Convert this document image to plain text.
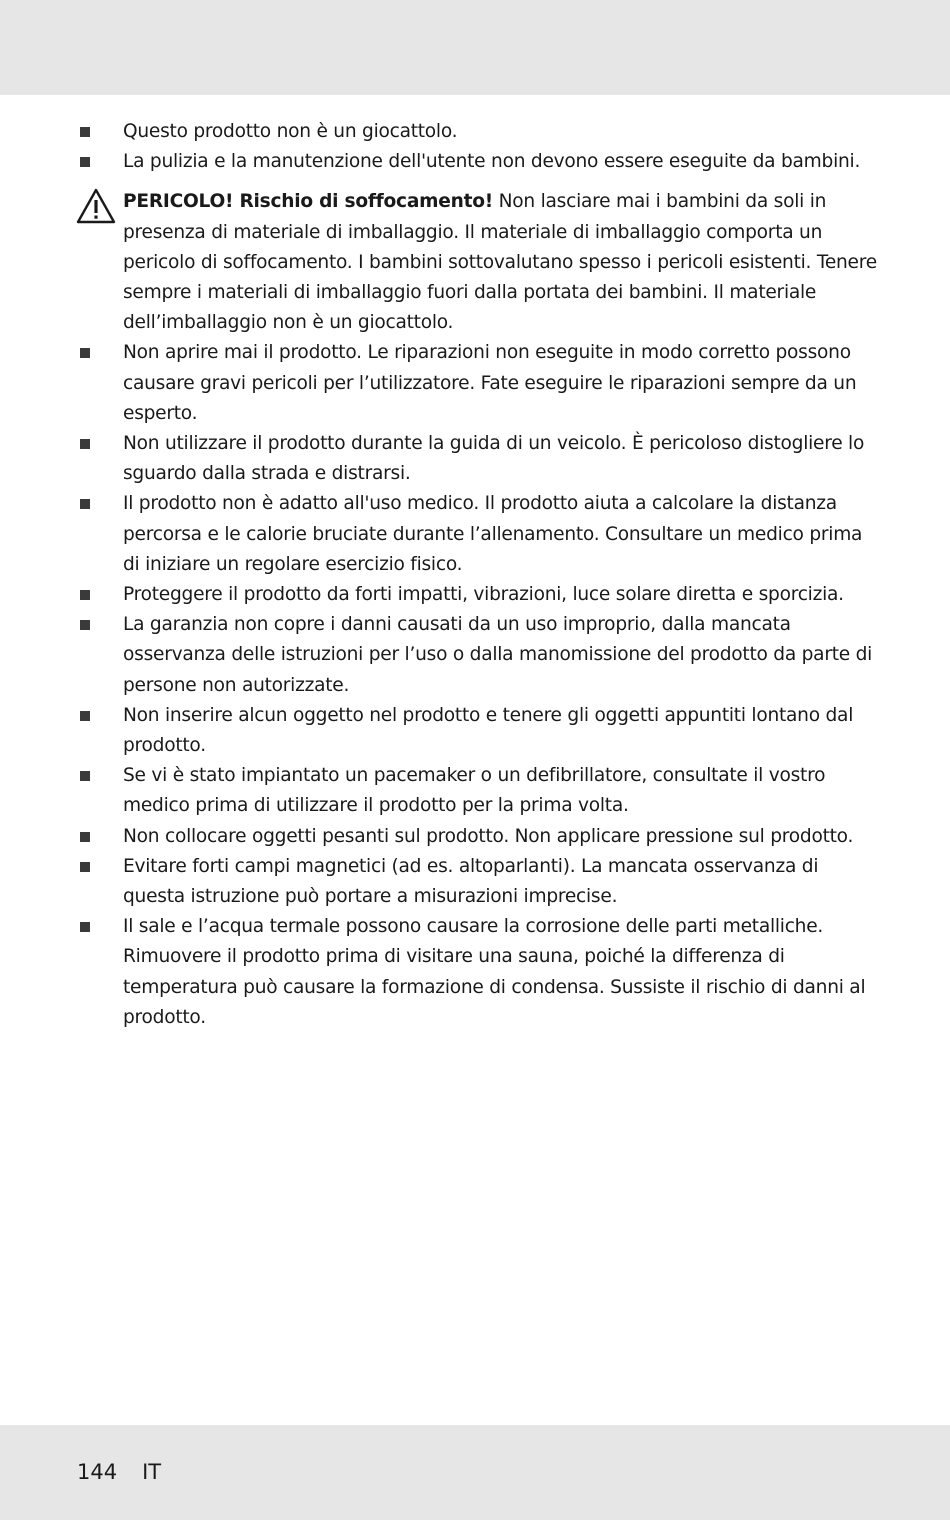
Questo prodotto non è un giocattolo.
La pulizia e la manutenzione dell'utente non devono essere eseguite da bambini.
PERICOLO! Rischio di soffocamento! Non lasciare mai i bambini da soli in presenza di materiale di imballaggio. Il materiale di imballaggio comporta un pericolo di soffocamento. I bambini sottovalutano spesso i pericoli esistenti. Tenere sempre i materiali di imballaggio fuori dalla portata dei bambini. Il materiale dell’imballaggio non è un giocattolo.
Non aprire mai il prodotto. Le riparazioni non eseguite in modo corretto possono causare gravi pericoli per l’utilizzatore. Fate eseguire le riparazioni sempre da un esperto.
Non utilizzare il prodotto durante la guida di un veicolo. È pericoloso distogliere lo sguardo dalla strada e distrarsi.
Il prodotto non è adatto all'uso medico. Il prodotto aiuta a calcolare la distanza percorsa e le calorie bruciate durante l’allenamento. Consultare un medico prima di iniziare un regolare esercizio fisico.
Proteggere il prodotto da forti impatti, vibrazioni, luce solare diretta e sporcizia.
La garanzia non copre i danni causati da un uso improprio, dalla mancata osservanza delle istruzioni per l’uso o dalla manomissione del prodotto da parte di persone non autorizzate.
Non inserire alcun oggetto nel prodotto e tenere gli oggetti appuntiti lontano dal prodotto.
Se vi è stato impiantato un pacemaker o un defibrillatore, consultate il vostro medico prima di utilizzare il prodotto per la prima volta.
Non collocare oggetti pesanti sul prodotto. Non applicare pressione sul prodotto.
Evitare forti campi magnetici (ad es. altoparlanti). La mancata osservanza di questa istruzione può portare a misurazioni imprecise.
Il sale e l’acqua termale possono causare la corrosione delle parti metalliche. Rimuovere il prodotto prima di visitare una sauna, poiché la differenza di temperatura può causare la formazione di condensa. Sussiste il rischio di danni al prodotto.
144 IT
